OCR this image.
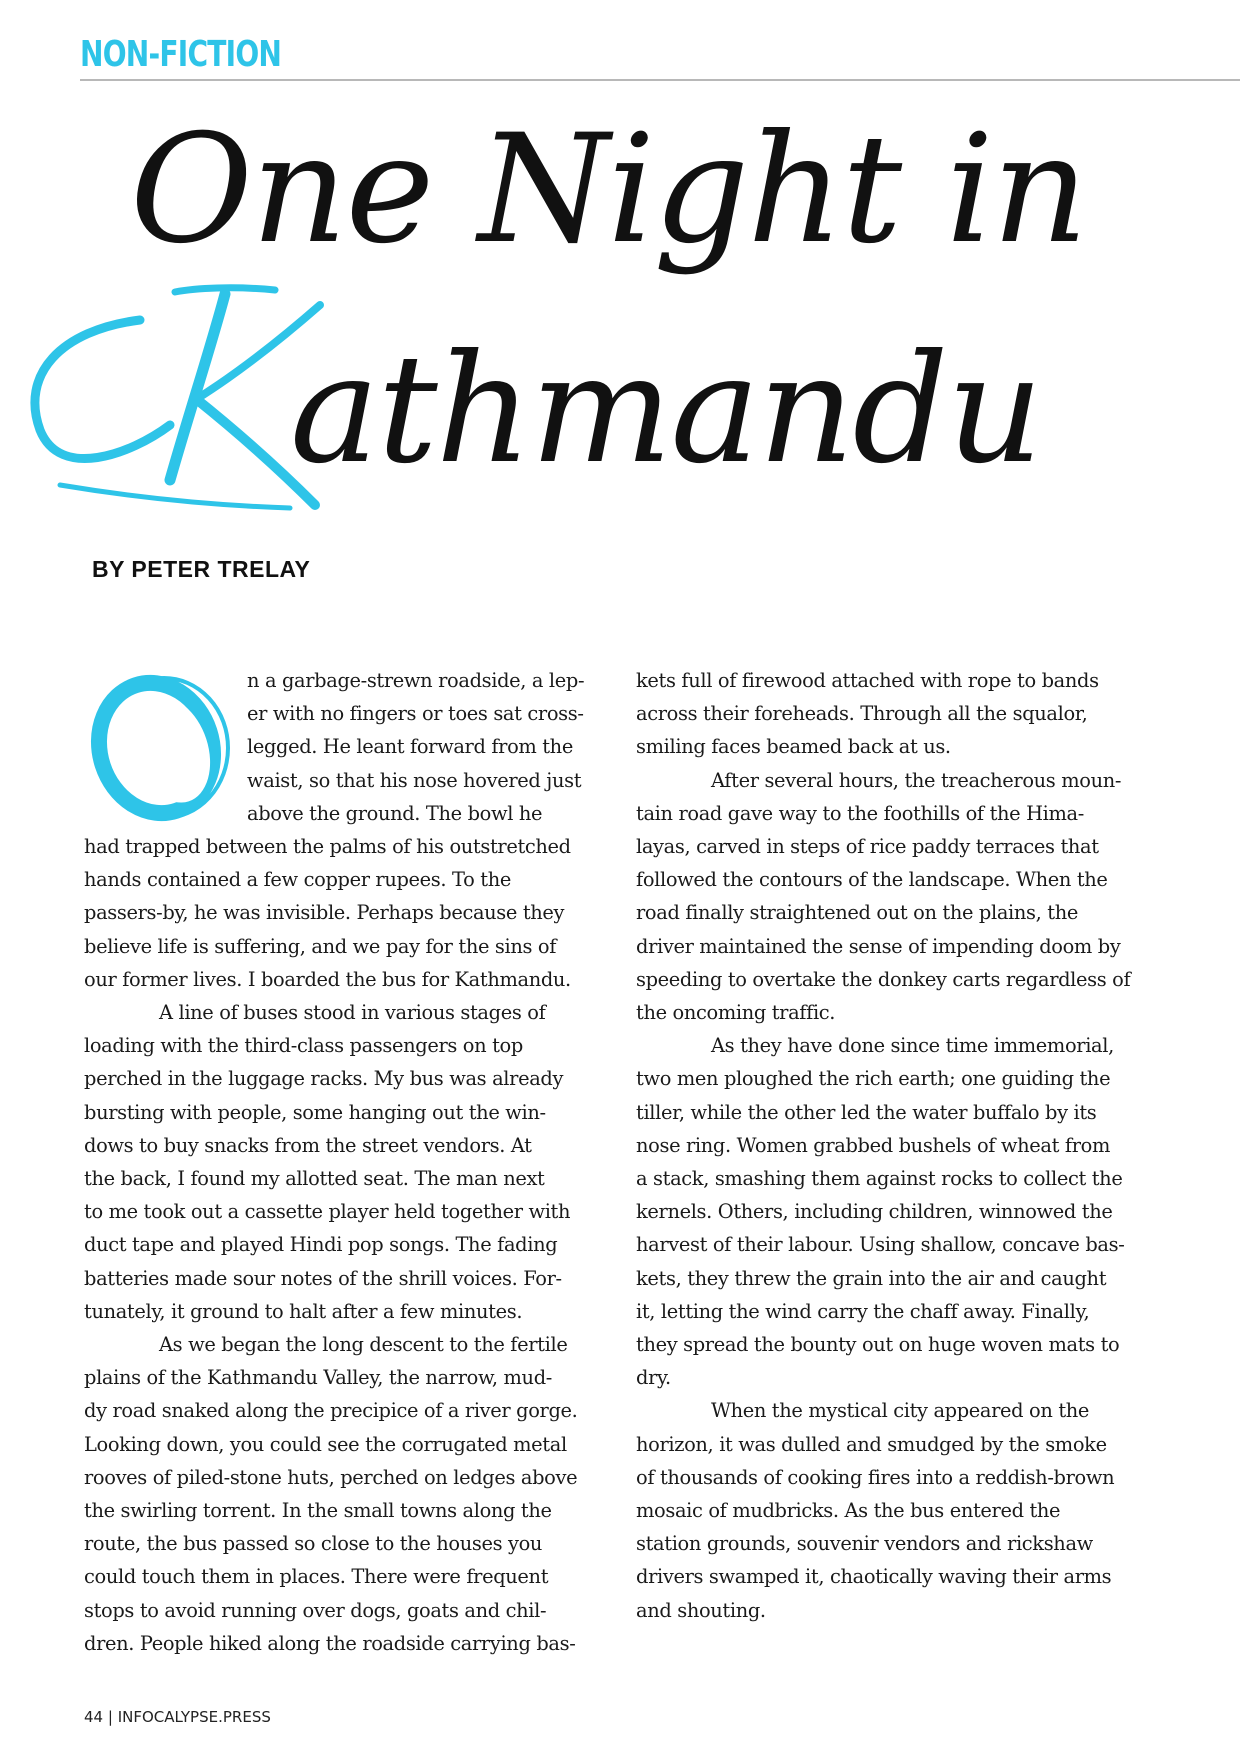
NON-FICTION
One Night in
athmandu
BY PETER TRELAY

n a garbage-strewn roadside, a lep-
er with no fingers or toes sat cross-
legged. He leant forward from the
waist, so that his nose hovered just
above the ground. The bowl he

had trapped between the palms of his outstretched
hands contained a few copper rupees. To the
passers-by, he was invisible. Perhaps because they
believe life is suffering, and we pay for the sins of
our former lives. I boarded the bus for Kathmandu.

A line of buses stood in various stages of
loading with the third-class passengers on top
perched in the luggage racks. My bus was already
bursting with people, some hanging out the win-
dows to buy snacks from the street vendors. At
the back, I found my allotted seat. The man next
to me took out a cassette player held together with
duct tape and played Hindi pop songs. The fading
batteries made sour notes of the shrill voices. For-
tunately, it ground to halt after a few minutes.

As we began the long descent to the fertile
plains of the Kathmandu Valley, the narrow, mud-
dy road snaked along the precipice of a river gorge.
Looking down, you could see the corrugated metal
rooves of piled-stone huts, perched on ledges above
the swirling torrent. In the small towns along the
route, the bus passed so close to the houses you
could touch them in places. There were frequent
stops to avoid running over dogs, goats and chil-
dren. People hiked along the roadside carrying bas-

kets full of firewood attached with rope to bands
across their foreheads. Through all the squalor,
smiling faces beamed back at us.

After several hours, the treacherous moun-
tain road gave way to the foothills of the Hima-
layas, carved in steps of rice paddy terraces that
followed the contours of the landscape. When the
road finally straightened out on the plains, the
driver maintained the sense of impending doom by
speeding to overtake the donkey carts regardless of
the oncoming traffic.

As they have done since time immemorial,
two men ploughed the rich earth; one guiding the
tiller, while the other led the water buffalo by its
nose ring. Women grabbed bushels of wheat from
a stack, smashing them against rocks to collect the
kernels. Others, including children, winnowed the
harvest of their labour. Using shallow, concave bas-
kets, they threw the grain into the air and caught
it, letting the wind carry the chaff away. Finally,
they spread the bounty out on huge woven mats to
dry.

When the mystical city appeared on the
horizon, it was dulled and smudged by the smoke
of thousands of cooking fires into a reddish-brown
mosaic of mudbricks. As the bus entered the
station grounds, souvenir vendors and rickshaw
drivers swamped it, chaotically waving their arms
and shouting.

44 | INFOCALYPSE.PRESS
